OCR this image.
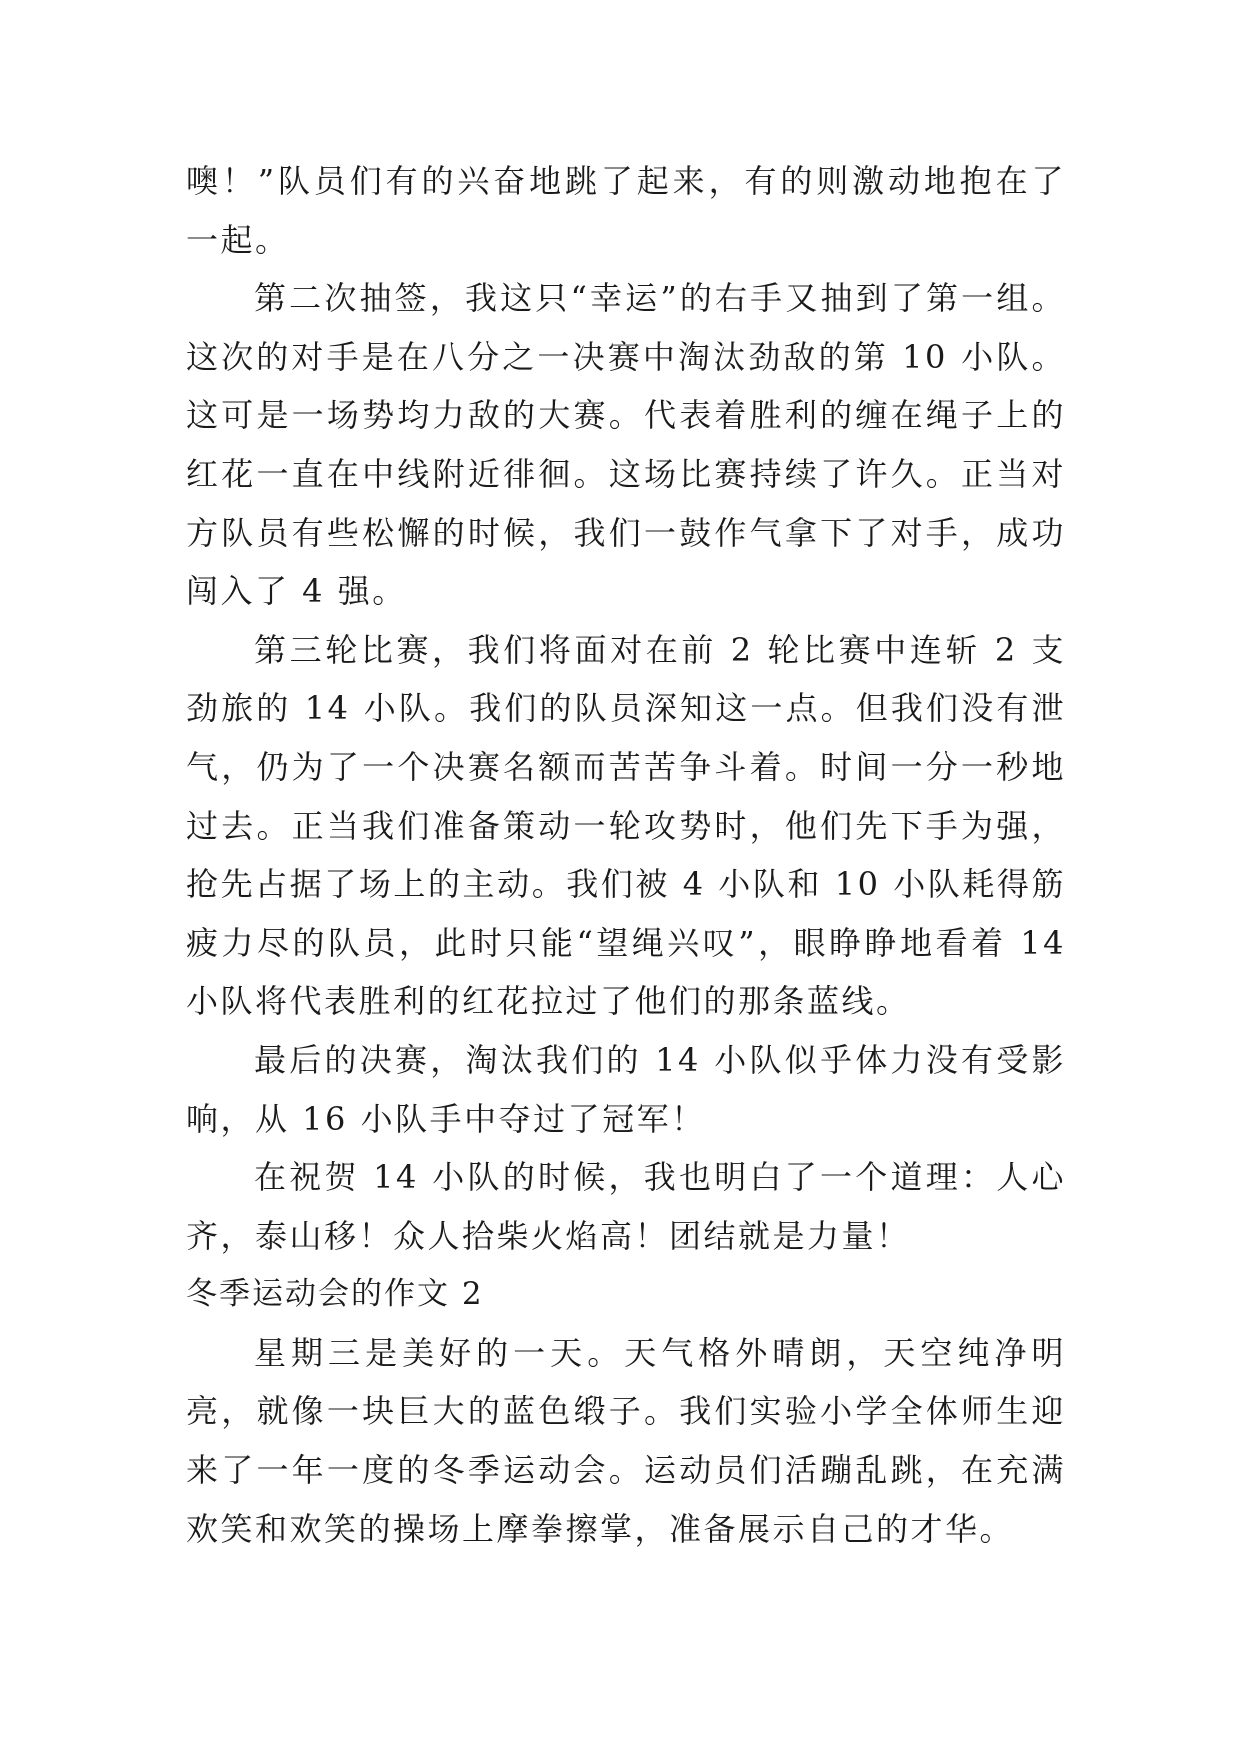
噢！”队员们有的兴奋地跳了起来，有的则激动地抱在了一起。

第二次抽签，我这只“幸运”的右手又抽到了第一组。这次的对手是在八分之一决赛中淘汰劲敌的第 10 小队。这可是一场势均力敌的大赛。代表着胜利的缠在绳子上的红花一直在中线附近徘徊。这场比赛持续了许久。正当对方队员有些松懈的时候，我们一鼓作气拿下了对手，成功闯入了 4 强。

第三轮比赛，我们将面对在前 2 轮比赛中连斩 2 支劲旅的 14 小队。我们的队员深知这一点。但我们没有泄气，仍为了一个决赛名额而苦苦争斗着。时间一分一秒地过去。正当我们准备策动一轮攻势时，他们先下手为强，抢先占据了场上的主动。我们被 4 小队和 10 小队耗得筋疲力尽的队员，此时只能“望绳兴叹”，眼睁睁地看着 14 小队将代表胜利的红花拉过了他们的那条蓝线。

最后的决赛，淘汰我们的 14 小队似乎体力没有受影响，从 16 小队手中夺过了冠军！

在祝贺 14 小队的时候，我也明白了一个道理：人心齐，泰山移！众人拾柴火焰高！团结就是力量！

冬季运动会的作文 2

星期三是美好的一天。天气格外晴朗，天空纯净明亮，就像一块巨大的蓝色缎子。我们实验小学全体师生迎来了一年一度的冬季运动会。运动员们活蹦乱跳，在充满欢笑和欢笑的操场上摩拳擦掌，准备展示自己的才华。
